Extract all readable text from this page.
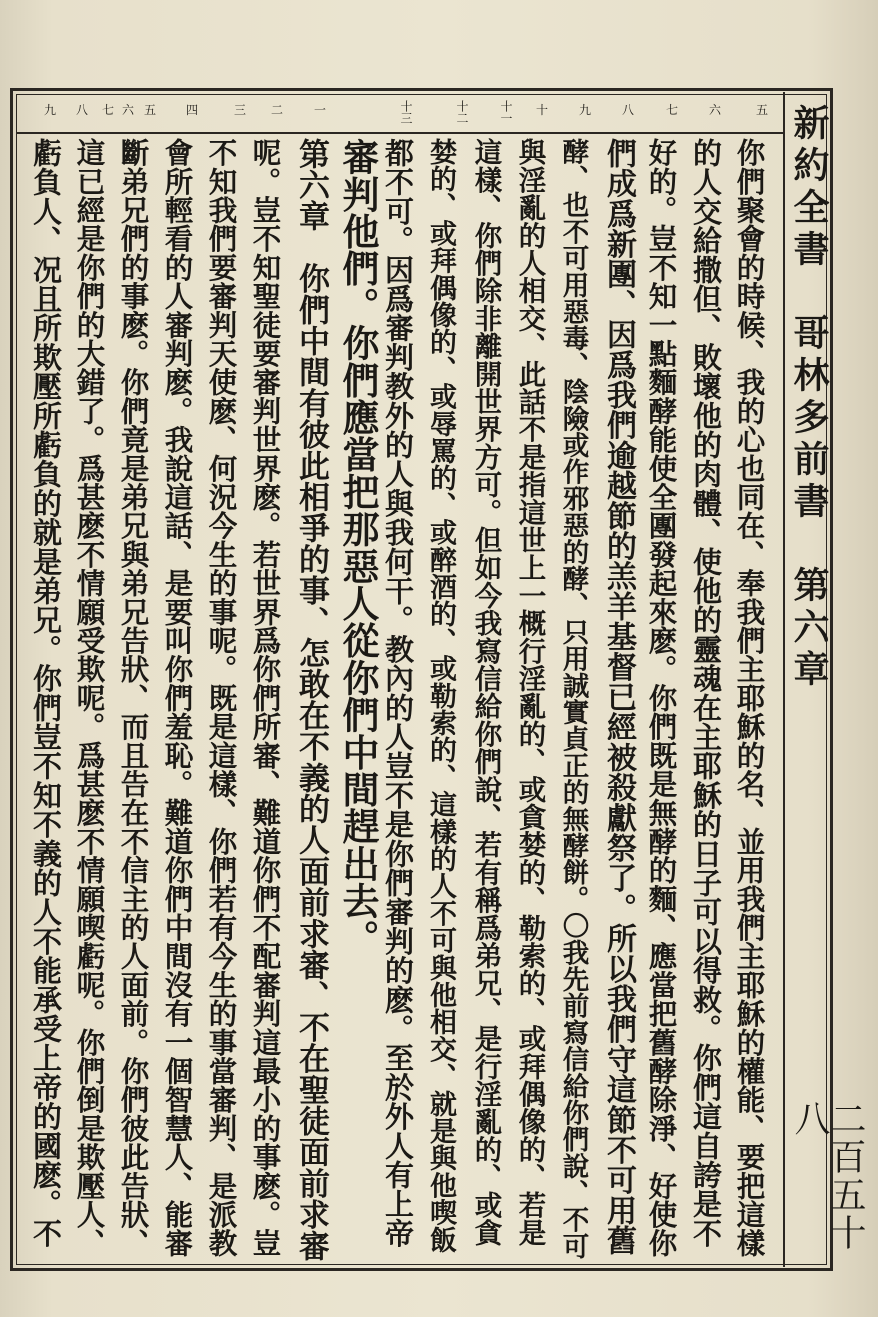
新約全書　哥林多前書　第六章
二百五十八
五
六
七
八
九
十
十一
十二
十三
一
二
三
四
五
六
七
八
九
你們聚會的時候、我的心也同在、奉我們主耶穌的名、並用我們主耶穌的權能、要把這樣
的人交給撒但、敗壞他的肉體、使他的靈魂在主耶穌的日子可以得救。你們這自誇是不
好的。豈不知一點麵酵能使全團發起來麽。你們既是無酵的麵、應當把舊酵除淨、好使你
們成爲新團、因爲我們逾越節的羔羊基督已經被殺獻祭了。所以我們守這節不可用舊
酵、也不可用惡毒、陰險或作邪惡的酵、只用誠實貞正的無酵餅。〇我先前寫信給你們說、不可
與淫亂的人相交、此話不是指這世上一概行淫亂的、或貪婪的、勒索的、或拜偶像的、若是
這樣、你們除非離開世界方可。但如今我寫信給你們說、若有稱爲弟兄、是行淫亂的、或貪
婪的、或拜偶像的、或辱罵的、或醉酒的、或勒索的、這樣的人不可與他相交、就是與他喫飯
都不可。因爲審判教外的人與我何干。教內的人豈不是你們審判的麽。至於外人有上帝
審判他們。你們應當把那惡人從你們中間趕出去。
第六章　你們中間有彼此相爭的事、怎敢在不義的人面前求審、不在聖徒面前求審
呢。豈不知聖徒要審判世界麽。若世界爲你們所審、難道你們不配審判這最小的事麽。豈
不知我們要審判天使麽、何況今生的事呢。既是這樣、你們若有今生的事當審判、是派教
會所輕看的人審判麽。我說這話、是要叫你們羞恥。難道你們中間沒有一個智慧人、能審
斷弟兄們的事麽。你們竟是弟兄與弟兄告狀、而且告在不信主的人面前。你們彼此告狀、
這已經是你們的大錯了。爲甚麽不情願受欺呢。爲甚麽不情願喫虧呢。你們倒是欺壓人、
虧負人、况且所欺壓所虧負的就是弟兄。你們豈不知不義的人不能承受上帝的國麽。不
